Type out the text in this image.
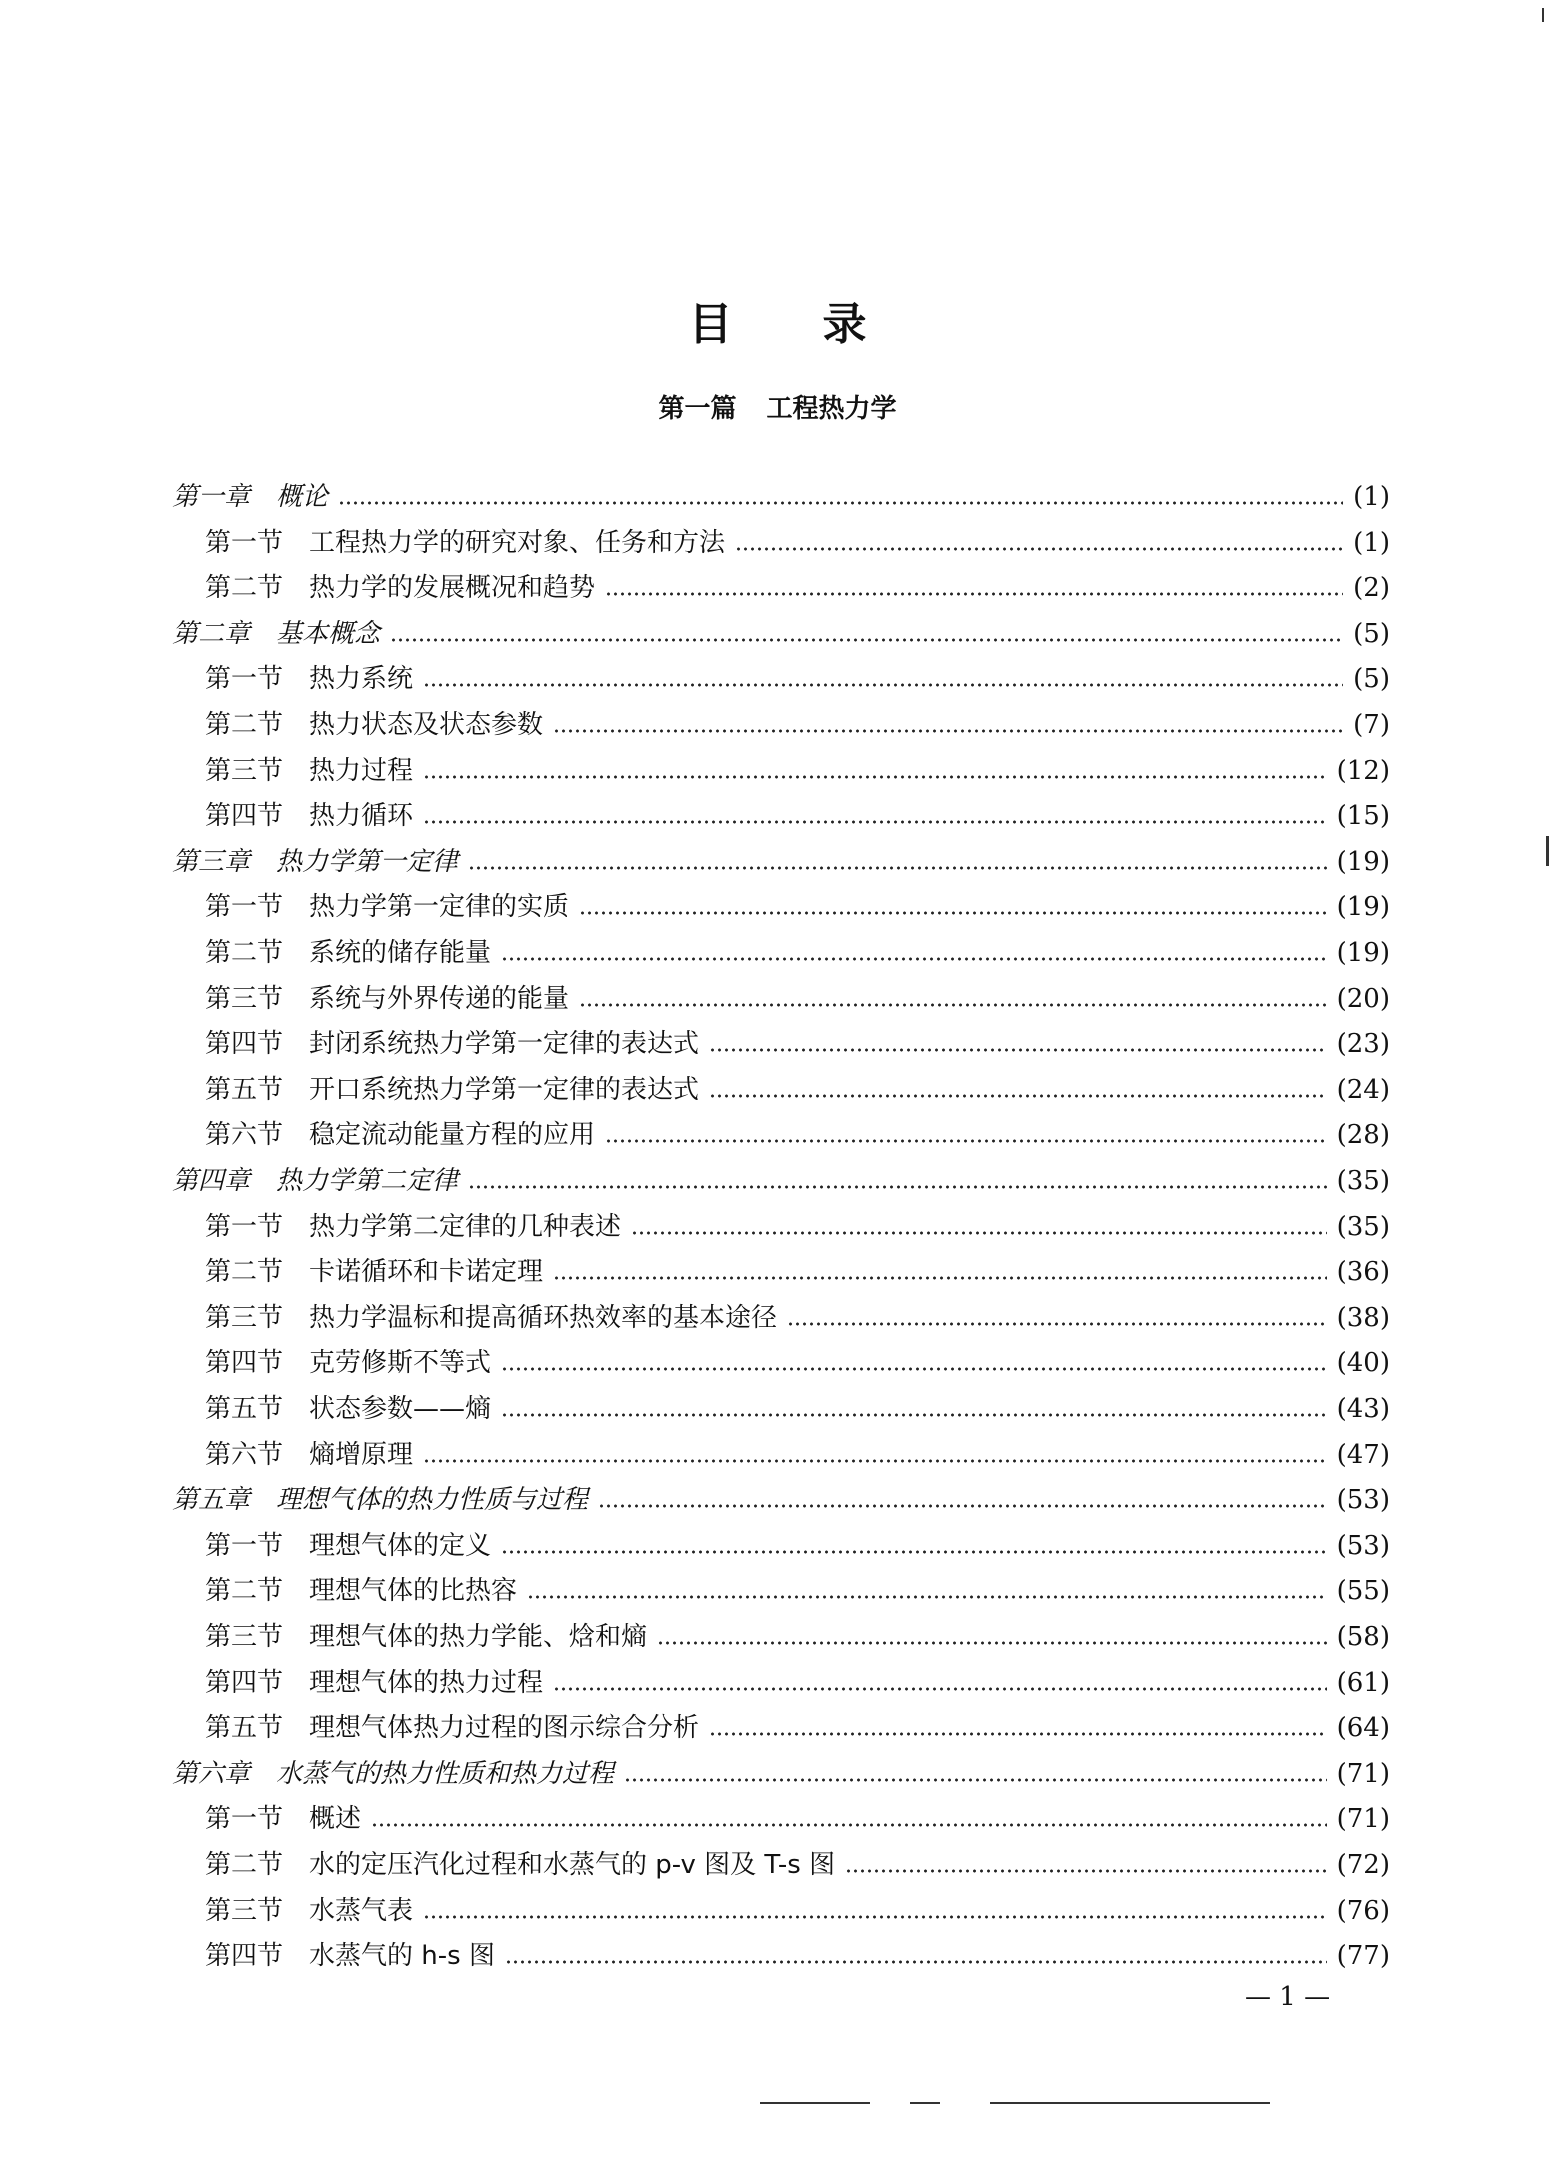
目录
第一篇 工程热力学
第一章 概论	(1)
第一节 工程热力学的研究对象、任务和方法	(1)
第二节 热力学的发展概况和趋势	(2)
第二章 基本概念	(5)
第一节 热力系统	(5)
第二节 热力状态及状态参数	(7)
第三节 热力过程	(12)
第四节 热力循环	(15)
第三章 热力学第一定律	(19)
第一节 热力学第一定律的实质	(19)
第二节 系统的储存能量	(19)
第三节 系统与外界传递的能量	(20)
第四节 封闭系统热力学第一定律的表达式	(23)
第五节 开口系统热力学第一定律的表达式	(24)
第六节 稳定流动能量方程的应用	(28)
第四章 热力学第二定律	(35)
第一节 热力学第二定律的几种表述	(35)
第二节 卡诺循环和卡诺定理	(36)
第三节 热力学温标和提高循环热效率的基本途径	(38)
第四节 克劳修斯不等式	(40)
第五节 状态参数——熵	(43)
第六节 熵增原理	(47)
第五章 理想气体的热力性质与过程	(53)
第一节 理想气体的定义	(53)
第二节 理想气体的比热容	(55)
第三节 理想气体的热力学能、焓和熵	(58)
第四节 理想气体的热力过程	(61)
第五节 理想气体热力过程的图示综合分析	(64)
第六章 水蒸气的热力性质和热力过程	(71)
第一节 概述	(71)
第二节 水的定压汽化过程和水蒸气的 p-v 图及 T-s 图	(72)
第三节 水蒸气表	(76)
第四节 水蒸气的 h-s 图	(77)
— 1 —
